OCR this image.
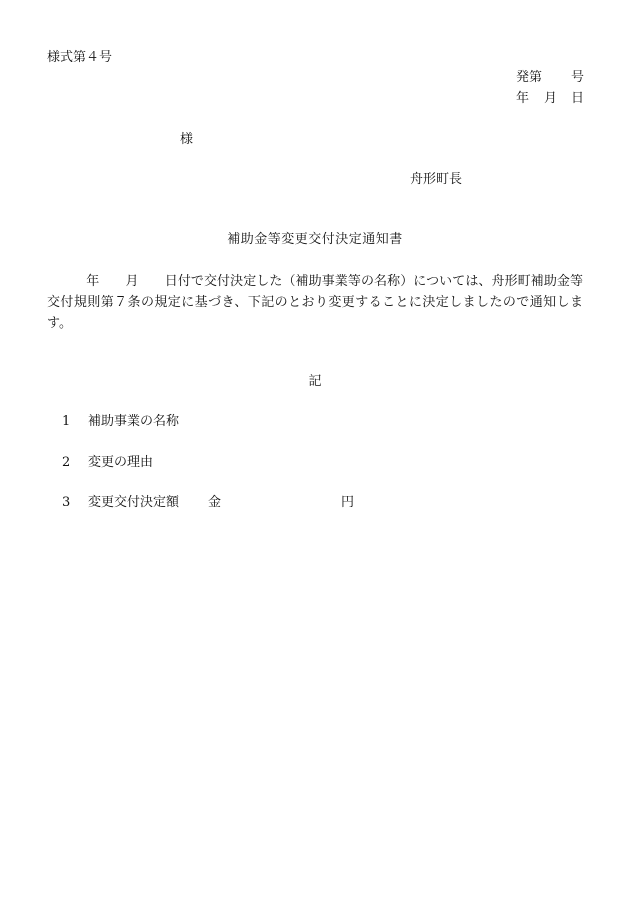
様式第４号
発第 号
年 月 日
様
舟形町長
補助金等変更交付決定通知書
　　　年　　月　　日付で交付決定した（補助事業等の名称）については、舟形町補助金等交付規則第７条の規定に基づき、下記のとおり変更することに決定しましたので通知します。
記
1 補助事業の名称
2 変更の理由
3 変更交付決定額 金	円
